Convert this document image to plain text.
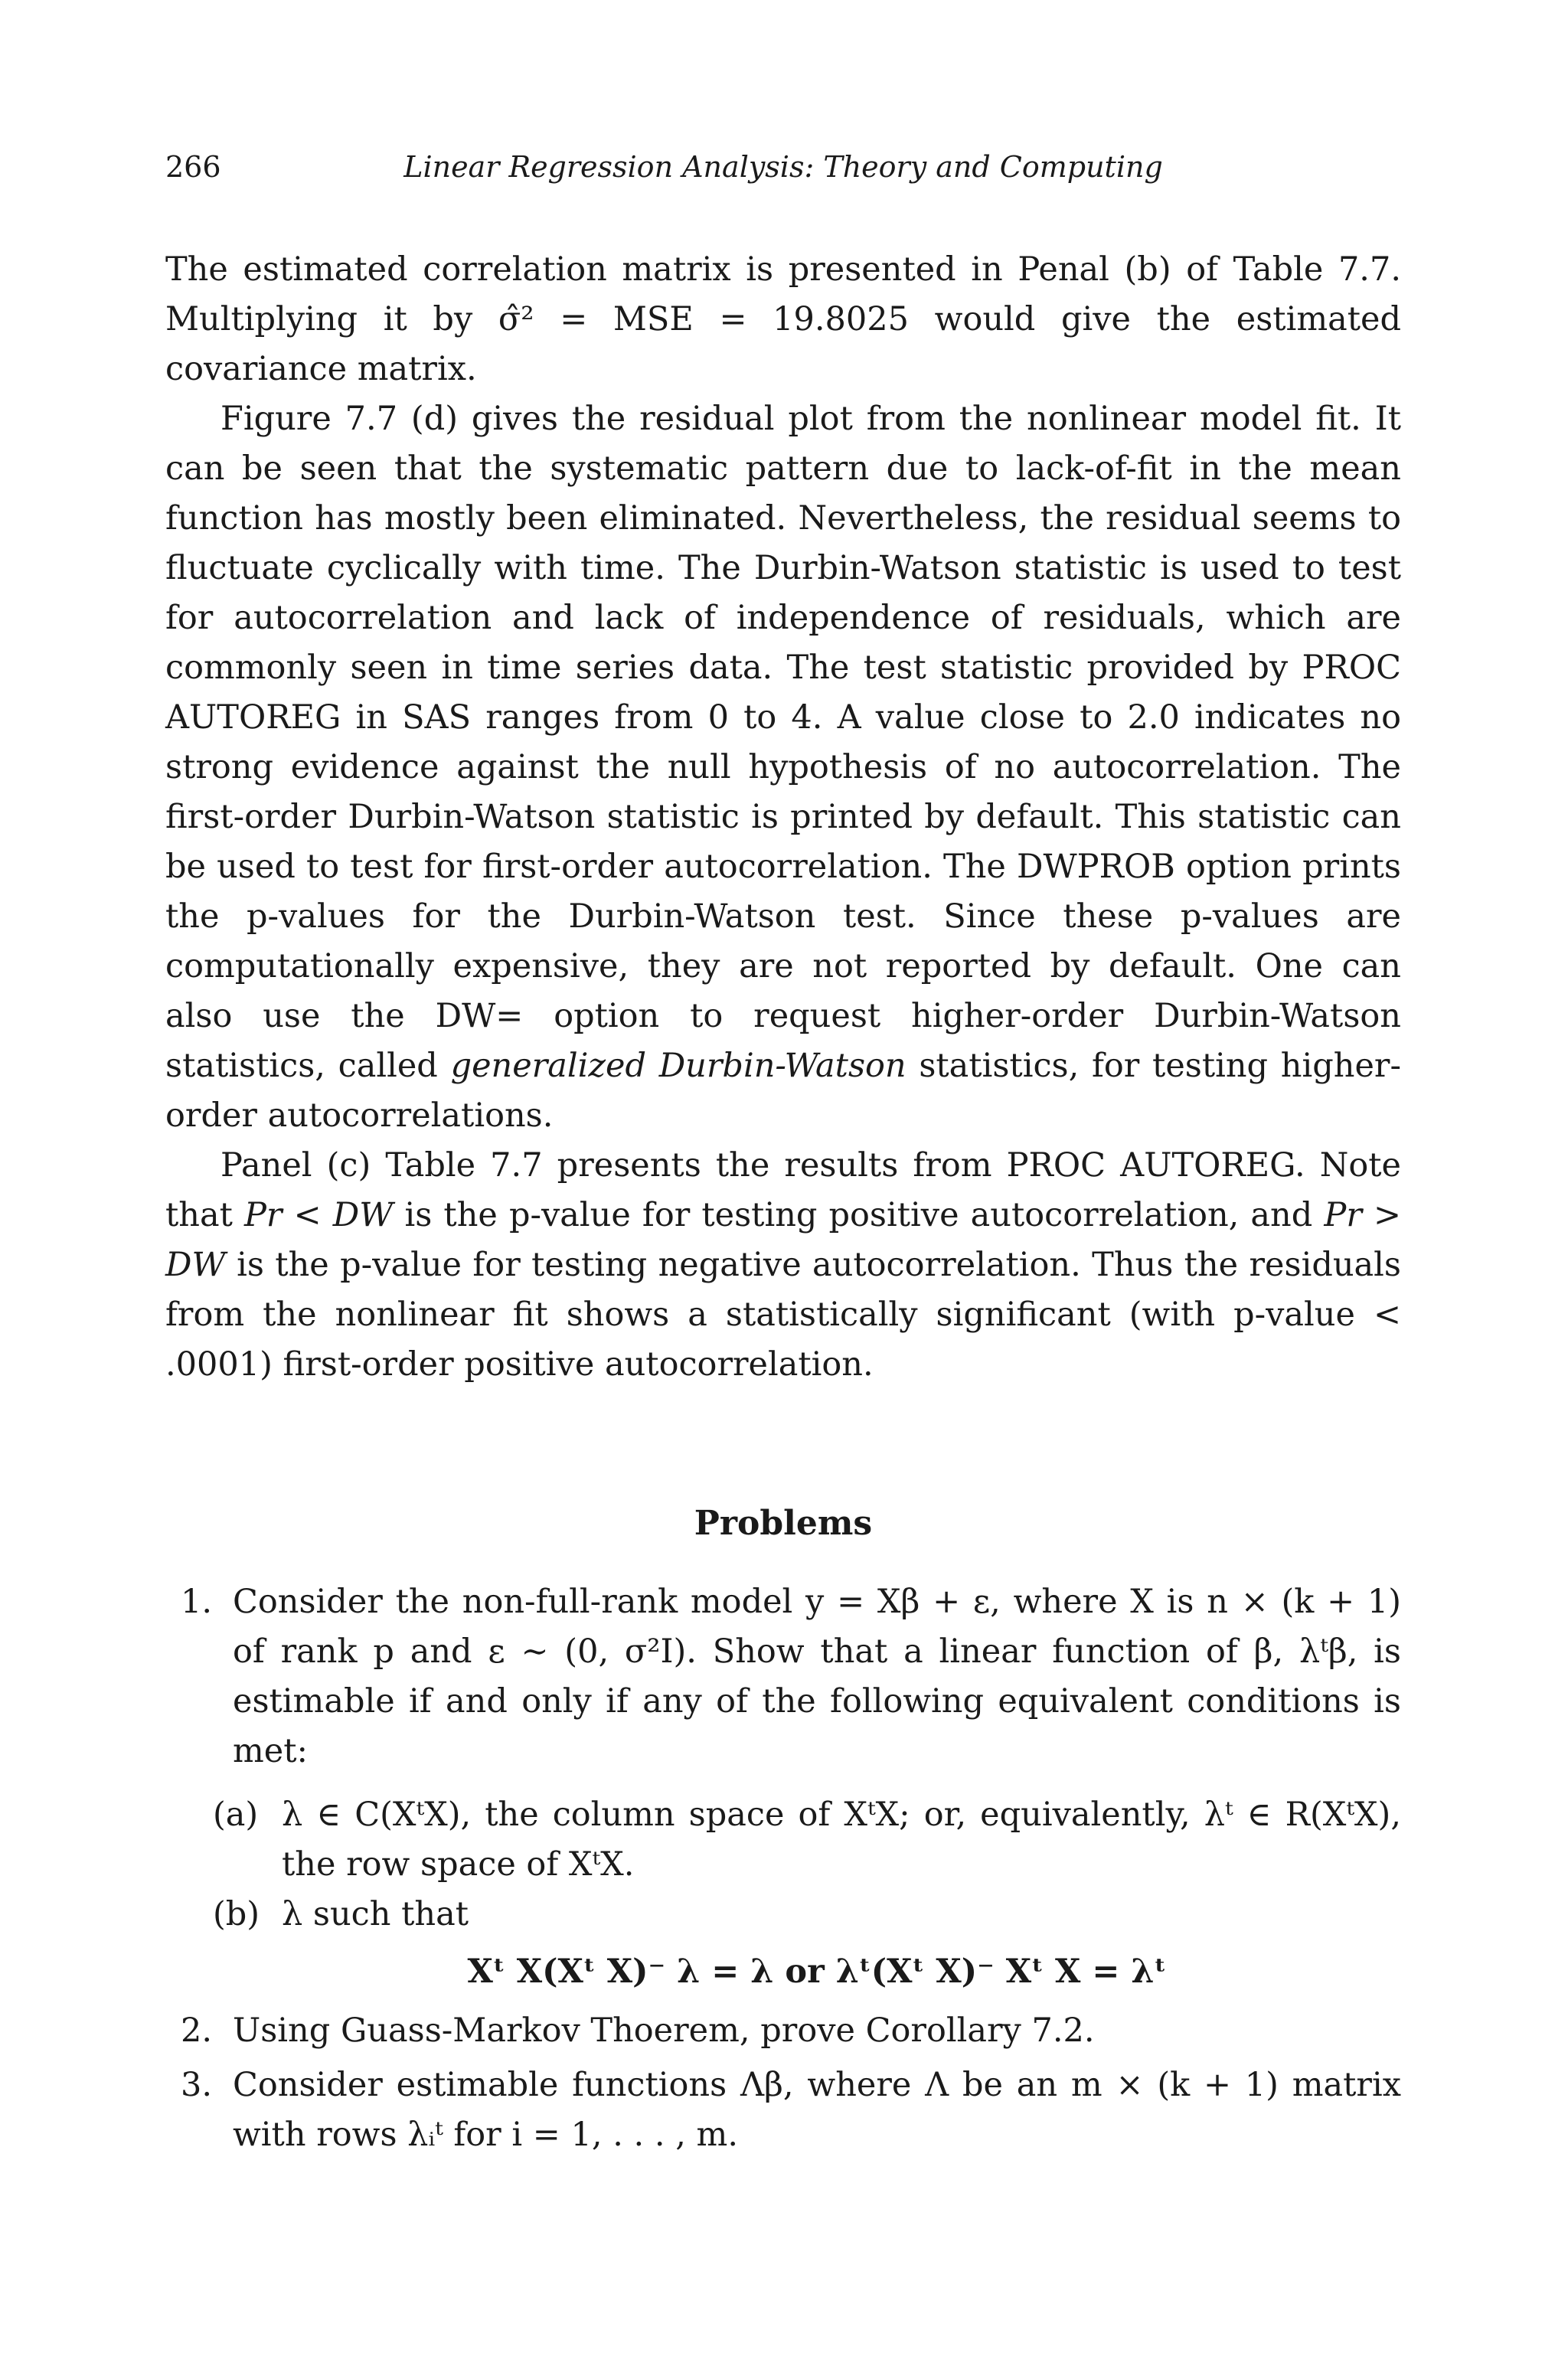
266	Linear Regression Analysis: Theory and Computing

The estimated correlation matrix is presented in Penal (b) of Table 7.7. Multiplying it by σ̂² = MSE = 19.8025 would give the estimated covariance matrix.

Figure 7.7 (d) gives the residual plot from the nonlinear model fit. It can be seen that the systematic pattern due to lack-of-fit in the mean function has mostly been eliminated. Nevertheless, the residual seems to fluctuate cyclically with time. The Durbin-Watson statistic is used to test for autocorrelation and lack of independence of residuals, which are commonly seen in time series data. The test statistic provided by PROC AUTOREG in SAS ranges from 0 to 4. A value close to 2.0 indicates no strong evidence against the null hypothesis of no autocorrelation. The first-order Durbin-Watson statistic is printed by default. This statistic can be used to test for first-order autocorrelation. The DWPROB option prints the p-values for the Durbin-Watson test. Since these p-values are computationally expensive, they are not reported by default. One can also use the DW= option to request higher-order Durbin-Watson statistics, called generalized Durbin-Watson statistics, for testing higher-order autocorrelations.

Panel (c) Table 7.7 presents the results from PROC AUTOREG. Note that Pr < DW is the p-value for testing positive autocorrelation, and Pr > DW is the p-value for testing negative autocorrelation. Thus the residuals from the nonlinear fit shows a statistically significant (with p-value < .0001) first-order positive autocorrelation.

Problems
1. Consider the non-full-rank model y = Xβ + ε, where X is n × (k + 1) of rank p and ε ∼ (0, σ²I). Show that a linear function of β, λᵗβ, is estimable if and only if any of the following equivalent conditions is met:
(a) λ ∈ C(XᵗX), the column space of XᵗX; or, equivalently, λᵗ ∈ R(XᵗX), the row space of XᵗX.
(b) λ such that
Xᵗ X(Xᵗ X)⁻ λ = λ or λᵗ(Xᵗ X)⁻ Xᵗ X = λᵗ
2. Using Guass-Markov Thoerem, prove Corollary 7.2.
3. Consider estimable functions Λβ, where Λ be an m × (k + 1) matrix with rows λᵢᵗ for i = 1, . . . , m.
